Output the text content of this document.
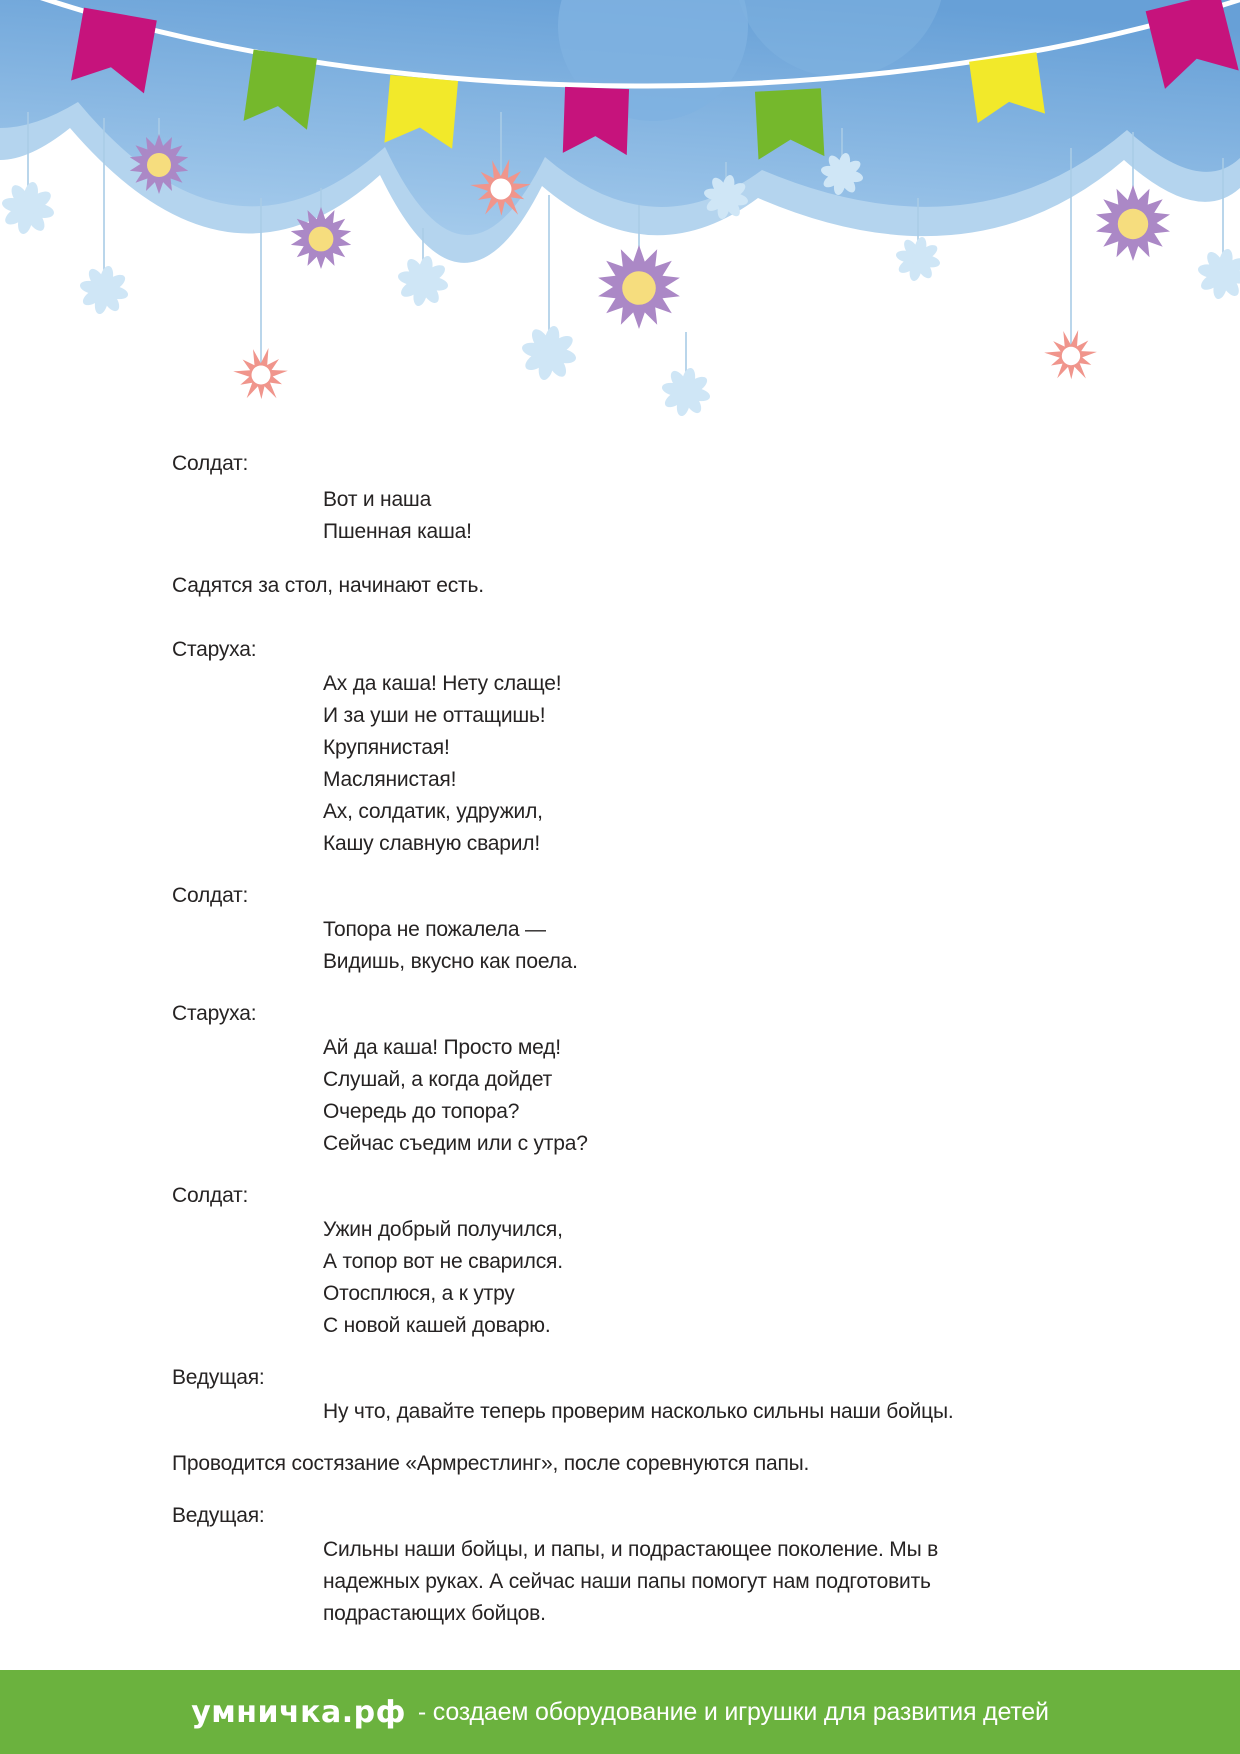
Солдат:
Вот и наша
Пшенная каша!
Садятся за стол, начинают есть.
Старуха:
Ах да каша! Нету слаще!
И за уши не оттащишь!
Крупянистая!
Маслянистая!
Ах, солдатик, удружил,
Кашу славную сварил!
Солдат:
Топора не пожалела —
Видишь, вкусно как поела.
Старуха:
Ай да каша! Просто мед!
Слушай, а когда дойдет
Очередь до топора?
Сейчас съедим или с утра?
Солдат:
Ужин добрый получился,
А топор вот не сварился.
Отосплюся, а к утру
С новой кашей доварю.
Ведущая:
Ну что, давайте теперь проверим насколько сильны наши бойцы.
Проводится состязание «Армрестлинг», после соревнуются папы.
Ведущая:
Сильны наши бойцы, и папы, и подрастающее поколение. Мы в
надежных руках. А сейчас наши папы помогут нам подготовить
подрастающих бойцов.
умничка.рф - создаем оборудование и игрушки для развития детей
